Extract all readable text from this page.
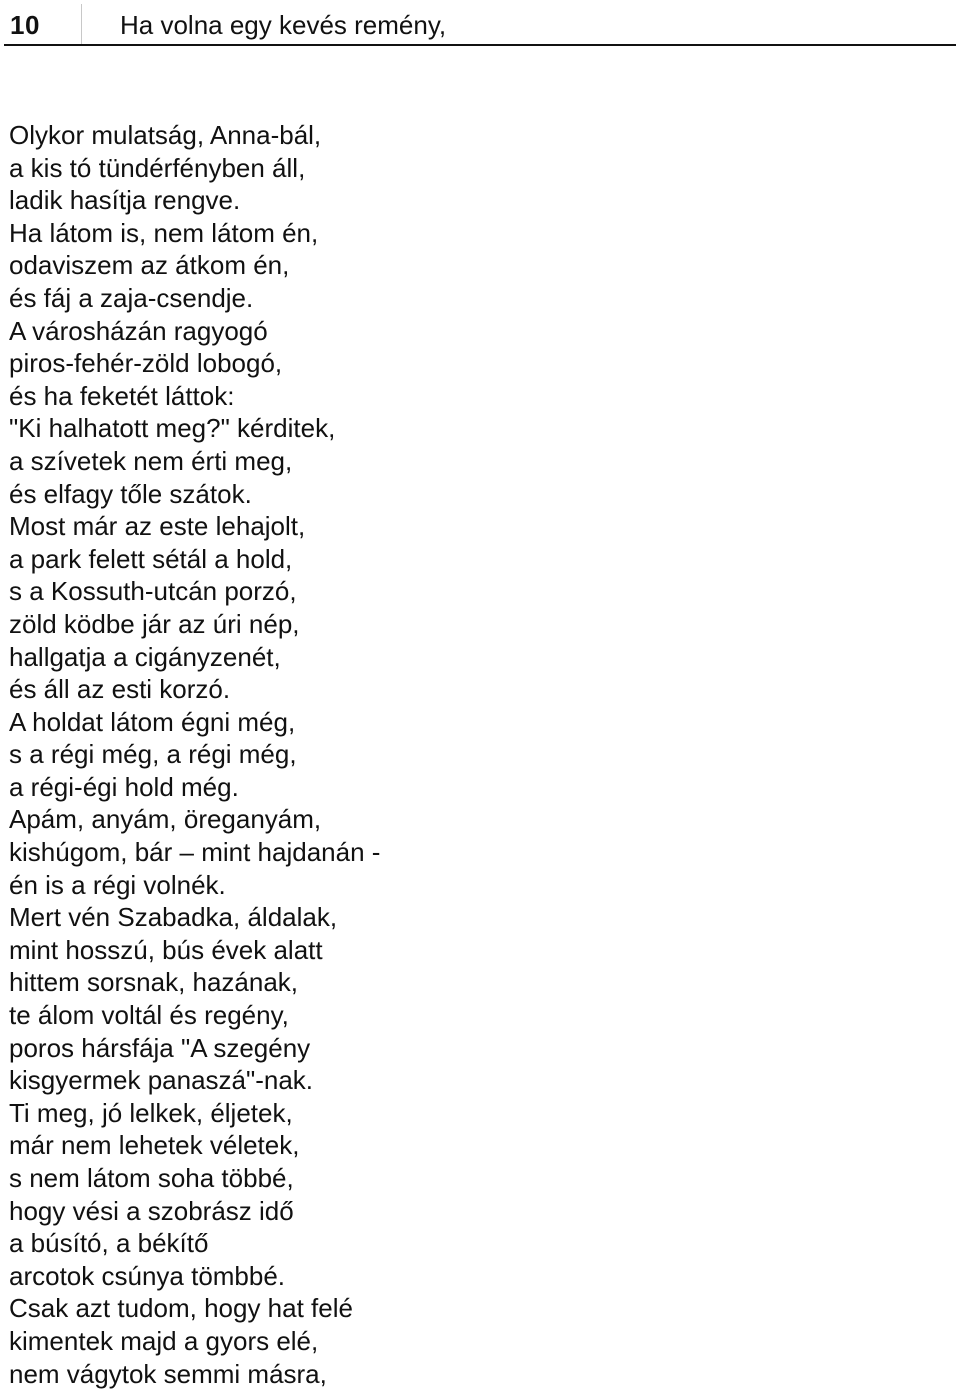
10	Ha volna egy kevés remény,
Olykor mulatság, Anna-bál,
a kis tó tündérfényben áll,
ladik hasítja rengve.
Ha látom is, nem látom én,
odaviszem az átkom én,
és fáj a zaja-csendje.
A városházán ragyogó
piros-fehér-zöld lobogó,
és ha feketét láttok:
"Ki halhatott meg?" kérditek,
a szívetek nem érti meg,
és elfagy tőle szátok.
Most már az este lehajolt,
a park felett sétál a hold,
s a Kossuth-utcán porzó,
zöld ködbe jár az úri nép,
hallgatja a cigányzenét,
és áll az esti korzó.
A holdat látom égni még,
s a régi még, a régi még,
a régi-égi hold még.
Apám, anyám, öreganyám,
kishúgom, bár – mint hajdanán -
én is a régi volnék.
Mert vén Szabadka, áldalak,
mint hosszú, bús évek alatt
hittem sorsnak, hazának,
te álom voltál és regény,
poros hársfája "A szegény
kisgyermek panaszá"-nak.
Ti meg, jó lelkek, éljetek,
már nem lehetek véletek,
s nem látom soha többé,
hogy vési a szobrász idő
a búsító, a békítő
arcotok csúnya tömbbé.
Csak azt tudom, hogy hat felé
kimentek majd a gyors elé,
nem vágytok semmi másra,
